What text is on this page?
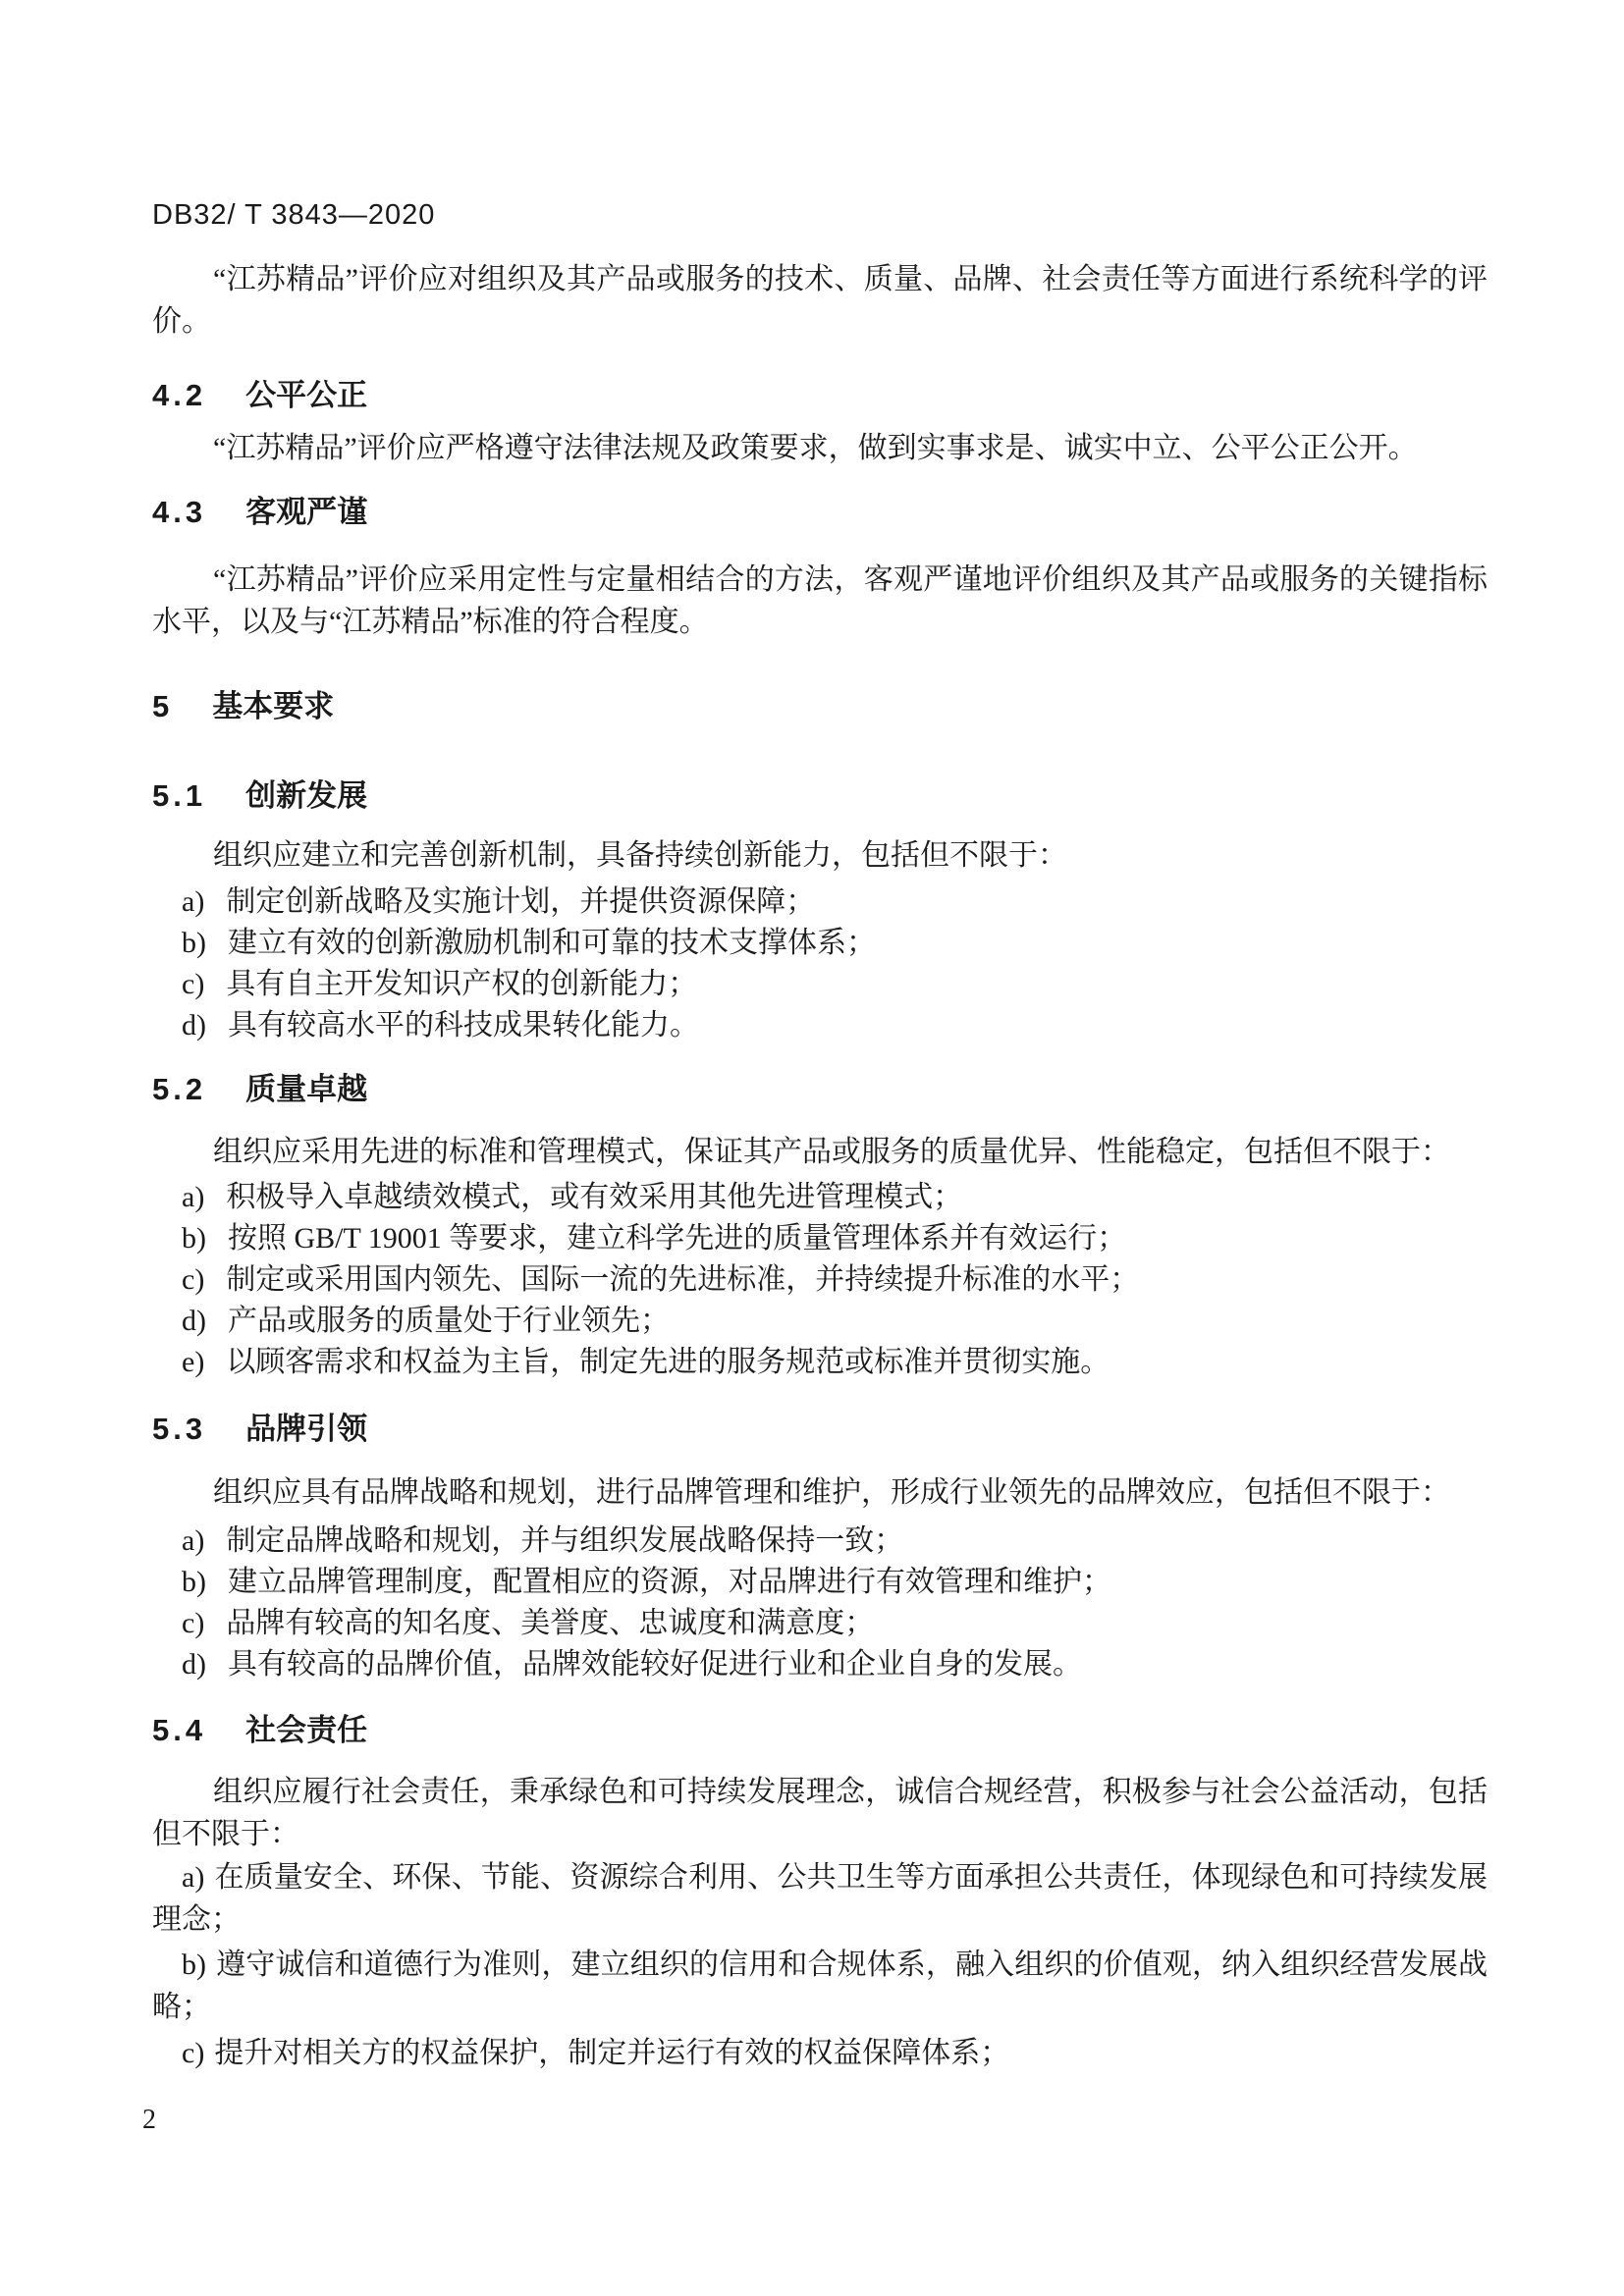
DB32/ T 3843—2020

“江苏精品”评价应对组织及其产品或服务的技术、质量、品牌、社会责任等方面进行系统科学的评价。

4.2 公平公正

“江苏精品”评价应严格遵守法律法规及政策要求，做到实事求是、诚实中立、公平公正公开。

4.3 客观严谨

“江苏精品”评价应采用定性与定量相结合的方法，客观严谨地评价组织及其产品或服务的关键指标水平，以及与“江苏精品”标准的符合程度。

5 基本要求
5.1 创新发展

组织应建立和完善创新机制，具备持续创新能力，包括但不限于：

a) 制定创新战略及实施计划，并提供资源保障；

b) 建立有效的创新激励机制和可靠的技术支撑体系；

c) 具有自主开发知识产权的创新能力；

d) 具有较高水平的科技成果转化能力。

5.2 质量卓越

组织应采用先进的标准和管理模式，保证其产品或服务的质量优异、性能稳定，包括但不限于：

a) 积极导入卓越绩效模式，或有效采用其他先进管理模式；

b) 按照 GB/T 19001 等要求，建立科学先进的质量管理体系并有效运行；

c) 制定或采用国内领先、国际一流的先进标准，并持续提升标准的水平；

d) 产品或服务的质量处于行业领先；

e) 以顾客需求和权益为主旨，制定先进的服务规范或标准并贯彻实施。

5.3 品牌引领

组织应具有品牌战略和规划，进行品牌管理和维护，形成行业领先的品牌效应，包括但不限于：

a) 制定品牌战略和规划，并与组织发展战略保持一致；

b) 建立品牌管理制度，配置相应的资源，对品牌进行有效管理和维护；

c) 品牌有较高的知名度、美誉度、忠诚度和满意度；

d) 具有较高的品牌价值，品牌效能较好促进行业和企业自身的发展。

5.4 社会责任

组织应履行社会责任，秉承绿色和可持续发展理念，诚信合规经营，积极参与社会公益活动，包括但不限于：

a) 在质量安全、环保、节能、资源综合利用、公共卫生等方面承担公共责任，体现绿色和可持续发展理念；

b) 遵守诚信和道德行为准则，建立组织的信用和合规体系，融入组织的价值观，纳入组织经营发展战略；

c) 提升对相关方的权益保护，制定并运行有效的权益保障体系；

2
